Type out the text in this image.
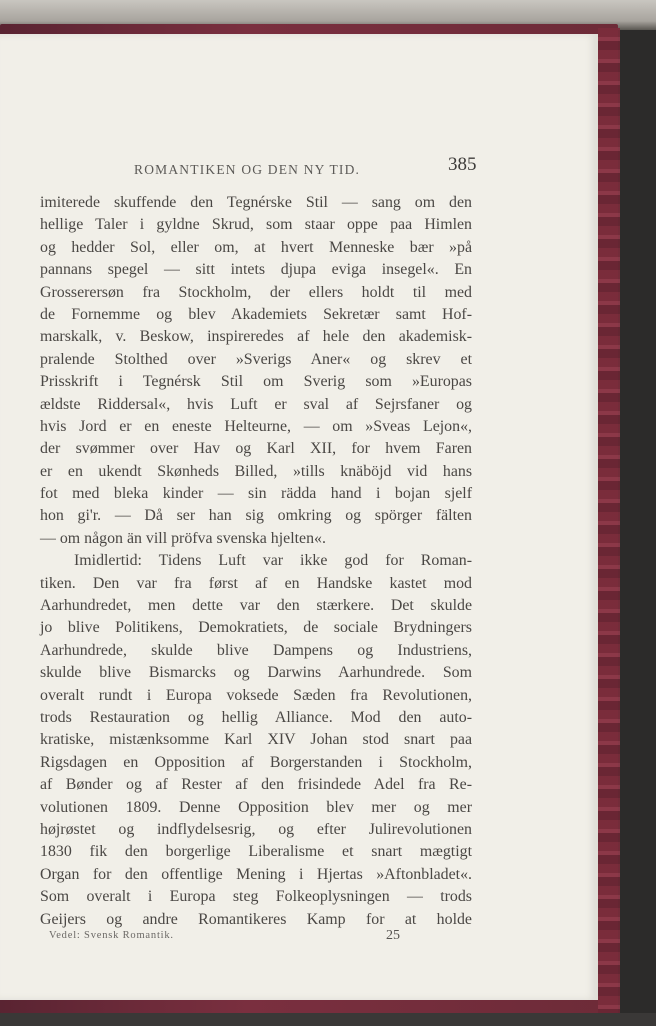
ROMANTIKEN OG DEN NY TID.	385
imiterede skuffende den Tegnérske Stil — sang om den
hellige Taler i gyldne Skrud, som staar oppe paa Himlen
og hedder Sol, eller om, at hvert Menneske bær »på
pannans spegel — sitt intets djupa eviga insegel«. En
Grosserersøn fra Stockholm, der ellers holdt til med
de Fornemme og blev Akademiets Sekretær samt Hof-
marskalk, v. Beskow, inspireredes af hele den akademisk-
pralende Stolthed over »Sverigs Aner« og skrev et
Prisskrift i Tegnérsk Stil om Sverig som »Europas
ældste Riddersal«, hvis Luft er sval af Sejrsfaner og
hvis Jord er en eneste Helteurne, — om »Sveas Lejon«,
der svømmer over Hav og Karl XII, for hvem Faren
er en ukendt Skønheds Billed, »tills knäböjd vid hans
fot med bleka kinder — sin rädda hand i bojan sjelf
hon gi'r. — Då ser han sig omkring og spörger fälten
— om någon än vill pröfva svenska hjelten«.
Imidlertid: Tidens Luft var ikke god for Roman-
tiken. Den var fra først af en Handske kastet mod
Aarhundredet, men dette var den stærkere. Det skulde
jo blive Politikens, Demokratiets, de sociale Brydningers
Aarhundrede, skulde blive Dampens og Industriens,
skulde blive Bismarcks og Darwins Aarhundrede. Som
overalt rundt i Europa voksede Sæden fra Revolutionen,
trods Restauration og hellig Alliance. Mod den auto-
kratiske, mistænksomme Karl XIV Johan stod snart paa
Rigsdagen en Opposition af Borgerstanden i Stockholm,
af Bønder og af Rester af den frisindede Adel fra Re-
volutionen 1809. Denne Opposition blev mer og mer
højrøstet og indflydelsesrig, og efter Julirevolutionen
1830 fik den borgerlige Liberalisme et snart mægtigt
Organ for den offentlige Mening i Hjertas »Aftonbladet«.
Som overalt i Europa steg Folkeoplysningen — trods
Geijers og andre Romantikeres Kamp for at holde
Vedel: Svensk Romantik.	25
